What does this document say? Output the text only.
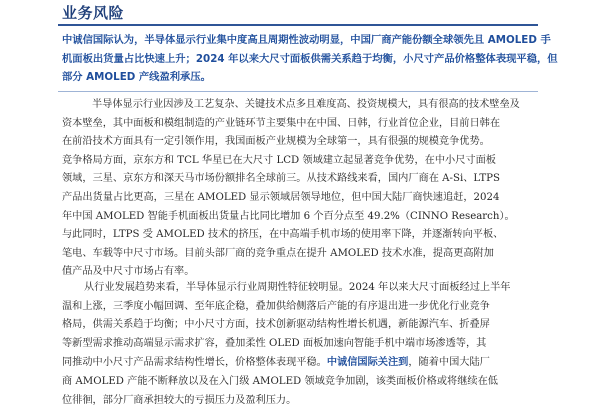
业务风险
中诚信国际认为，半导体显示行业集中度高且周期性波动明显，中国厂商产能份额全球领先且 AMOLED 手
机面板出货量占比快速上升；2024 年以来大尺寸面板供需关系趋于均衡，小尺寸产品价格整体表现平稳，但
部分 AMOLED 产线盈利承压。
半导体显示行业因涉及工艺复杂、关键技术点多且难度高、投资规模大，具有很高的技术壁垒及
资本壁垒，其中面板和模组制造的产业链环节主要集中在中国、日韩，行业首位企业，目前日韩在
在前沿技术方面具有一定引领作用，我国面板产业规模为全球第一，具有很强的规模竞争优势。
竞争格局方面，京东方和 TCL 华星已在大尺寸 LCD 领域建立起显著竞争优势，在中小尺寸面板
领域，三星、京东方和深天马市场份额排名全球前三。从技术路线来看，国内厂商在 A-Si、LTPS
产品出货量占比更高，三星在 AMOLED 显示领域居领导地位，但中国大陆厂商快速追赶，2024
年中国 AMOLED 智能手机面板出货量占比同比增加 6 个百分点至 49.2%（CINNO Research）。
与此同时，LTPS 受 AMOLED 技术的挤压，在中高端手机市场的使用率下降，并逐渐转向平板、
笔电、车载等中尺寸市场。目前头部厂商的竞争重点在提升 AMOLED 技术水准，提高更高附加
值产品及中尺寸市场占有率。
从行业发展趋势来看，半导体显示行业周期性特征较明显。2024 年以来大尺寸面板经过上半年
温和上涨，三季度小幅回调、至年底企稳，叠加供给侧落后产能的有序退出进一步优化行业竞争
格局，供需关系趋于均衡；中小尺寸方面，技术创新驱动结构性增长机遇，新能源汽车、折叠屏
等新型需求推动高端显示需求扩容，叠加柔性 OLED 面板加速向智能手机中端市场渗透等，其
同推动中小尺寸产品需求结构性增长，价格整体表现平稳。中诚信国际关注到，随着中国大陆厂
商 AMOLED 产能不断释放以及在入门级 AMOLED 领域竞争加剧，该类面板价格或将继续在低
位徘徊，部分厂商承担较大的亏损压力及盈利压力。
